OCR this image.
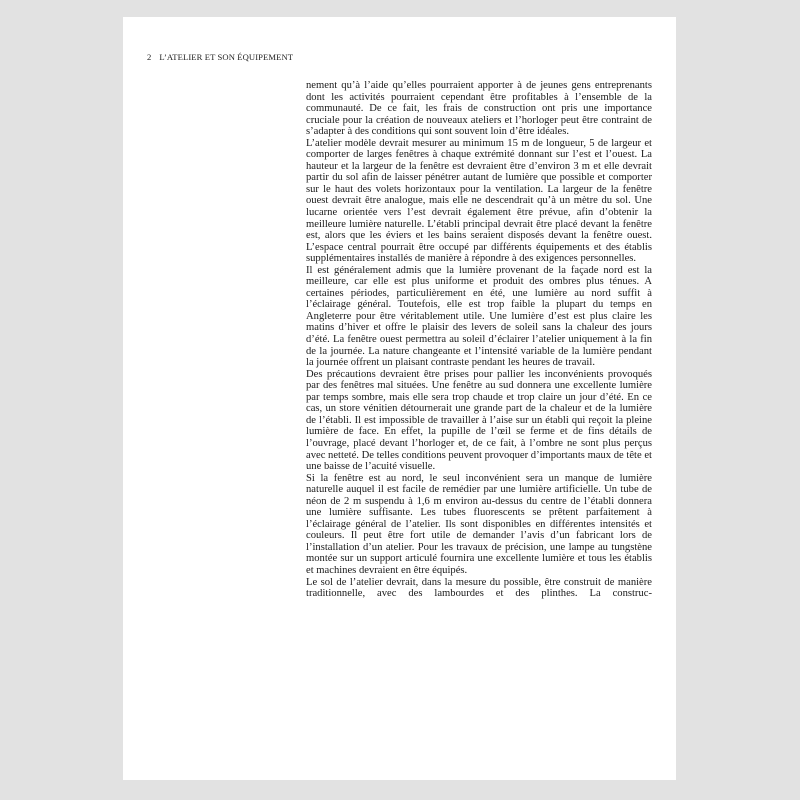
2 L’ATELIER ET SON ÉQUIPEMENT

nement qu’à l’aide qu’elles pourraient apporter à de jeunes gens entreprenants dont les activités pourraient cependant être profitables à l’ensemble de la communauté. De ce fait, les frais de construction ont pris une importance cruciale pour la création de nouveaux ateliers et l’horloger peut être contraint de s’adapter à des conditions qui sont souvent loin d’être idéales.

L’atelier modèle devrait mesurer au minimum 15 m de longueur, 5 de largeur et comporter de larges fenêtres à chaque extrémité donnant sur l’est et l’ouest. La hauteur et la largeur de la fenêtre est devraient être d’environ 3 m et elle devrait partir du sol afin de laisser pénétrer autant de lumière que possible et comporter sur le haut des volets horizontaux pour la ventilation. La largeur de la fenêtre ouest devrait être analogue, mais elle ne descendrait qu’à un mètre du sol. Une lucarne orientée vers l’est devrait également être prévue, afin d’obtenir la meilleure lumière naturelle. L’établi principal devrait être placé devant la fenêtre est, alors que les éviers et les bains seraient disposés devant la fenêtre ouest. L’espace central pourrait être occupé par différents équipements et des établis supplémentaires installés de manière à répondre à des exigences personnelles.

Il est généralement admis que la lumière provenant de la façade nord est la meilleure, car elle est plus uniforme et produit des ombres plus ténues. A certaines périodes, particulièrement en été, une lumière au nord suffit à l’éclairage général. Toutefois, elle est trop faible la plupart du temps en Angleterre pour être véritablement utile. Une lumière d’est est plus claire les matins d’hiver et offre le plaisir des levers de soleil sans la chaleur des jours d’été. La fenêtre ouest permettra au soleil d’éclairer l’atelier uniquement à la fin de la journée. La nature changeante et l’intensité variable de la lumière pendant la journée offrent un plaisant contraste pendant les heures de travail.

Des précautions devraient être prises pour pallier les inconvénients provoqués par des fenêtres mal situées. Une fenêtre au sud donnera une excellente lumière par temps sombre, mais elle sera trop chaude et trop claire un jour d’été. En ce cas, un store vénitien détournerait une grande part de la chaleur et de la lumière de l’établi. Il est impossible de travailler à l’aise sur un établi qui reçoit la pleine lumière de face. En effet, la pupille de l’œil se ferme et de fins détails de l’ouvrage, placé devant l’horloger et, de ce fait, à l’ombre ne sont plus perçus avec netteté. De telles conditions peuvent provoquer d’importants maux de tête et une baisse de l’acuité visuelle.

Si la fenêtre est au nord, le seul inconvénient sera un manque de lumière naturelle auquel il est facile de remédier par une lumière artificielle. Un tube de néon de 2 m suspendu à 1,6 m environ au-dessus du centre de l’établi donnera une lumière suffisante. Les tubes fluorescents se prêtent parfaitement à l’éclairage général de l’atelier. Ils sont disponibles en différentes intensités et couleurs. Il peut être fort utile de demander l’avis d’un fabricant lors de l’installation d’un atelier. Pour les travaux de précision, une lampe au tungstène montée sur un support articulé fournira une excellente lumière et tous les établis et machines devraient en être équipés.

Le sol de l’atelier devrait, dans la mesure du possible, être construit de manière traditionnelle, avec des lambourdes et des plinthes. La construc-
